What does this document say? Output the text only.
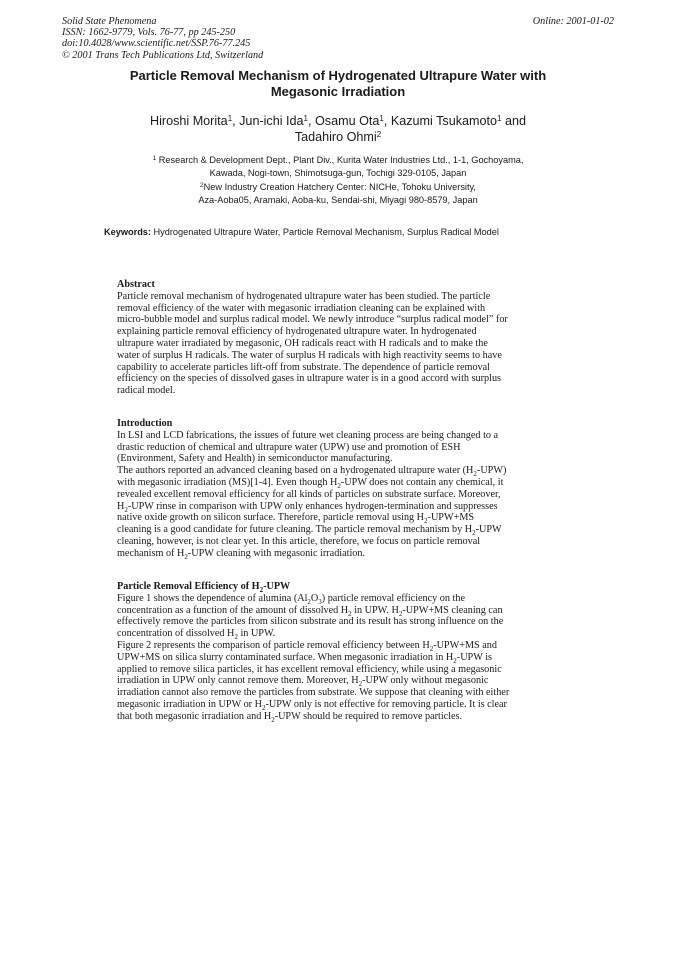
Solid State Phenomena
ISSN: 1662-9779, Vols. 76-77, pp 245-250
doi:10.4028/www.scientific.net/SSP.76-77.245
© 2001 Trans Tech Publications Ltd, Switzerland
Online: 2001-01-02
Particle Removal Mechanism of Hydrogenated Ultrapure Water with
Megasonic Irradiation
Hiroshi Morita$^1$, Jun-ichi Ida$^1$, Osamu Ota$^1$, Kazumi Tsukamoto$^1$ and
Tadahiro Ohmi$^2$
$^1$ Research & Development Dept., Plant Div., Kurita Water Industries Ltd., 1-1, Gochoyama,
Kawada, Nogi-town, Shimotsuga-gun, Tochigi 329-0105, Japan
$^2$New Industry Creation Hatchery Center: NICHe, Tohoku University,
Aza-Aoba05, Aramaki, Aoba-ku, Sendai-shi, Miyagi 980-8579, Japan
Keywords: Hydrogenated Ultrapure Water, Particle Removal Mechanism, Surplus Radical Model
Abstract
Particle removal mechanism of hydrogenated ultrapure water has been studied. The particle
removal efficiency of the water with megasonic irradiation cleaning can be explained with
micro-bubble model and surplus radical model. We newly introduce “surplus radical model” for
explaining particle removal efficiency of hydrogenated ultrapure water. In hydrogenated
ultrapure water irradiated by megasonic, OH radicals react with H radicals and to make the
water of surplus H radicals. The water of surplus H radicals with high reactivity seems to have
capability to accelerate particles lift-off from substrate. The dependence of particle removal
efficiency on the species of dissolved gases in ultrapure water is in a good accord with surplus
radical model.
Introduction
In LSI and LCD fabrications, the issues of future wet cleaning process are being changed to a
drastic reduction of chemical and ultrapure water (UPW) use and promotion of ESH
(Environment, Safety and Health) in semiconductor manufacturing.
The authors reported an advanced cleaning based on a hydrogenated ultrapure water $(H_2-UPW)$
with megasonic irradiation (MS)[1-4]. Even though $H_2$-UPW does not contain any chemical, it
revealed excellent removal efficiency for all kinds of particles on substrate surface. Moreover,
$H_2$-UPW rinse in comparison with UPW only enhances hydrogen-termination and suppresses
native oxide growth on silicon surface. Therefore, particle removal using $H_2-UPW+MS$
cleaning is a good candidate for future cleaning. The particle removal mechanism by $H_2$-UPW
cleaning, however, is not clear yet. In this article, therefore, we focus on particle removal
mechanism of $H_2$-UPW cleaning with megasonic irradiation.
Particle Removal Efficiency of $H_2$-UPW
Figure 1 shows the dependence of alumina $(Al_2O_3)$ particle removal efficiency on the
concentration as a function of the amount of dissolved $H_2$ in UPW. $H_2-UPW+MS$ cleaning can
effectively remove the particles from silicon substrate and its result has strong influence on the
concentration of dissolved $H_2$ in UPW.
Figure 2 represents the comparison of particle removal efficiency between $H_2-UPW+MS$ and
UPW+MS on silica slurry contaminated surface. When megasonic irradiation in $H_2$-UPW is
applied to remove silica particles, it has excellent removal efficiency, while using a megasonic
irradiation in UPW only cannot remove them. Moreover, $H_2$-UPW only without megasonic
irradiation cannot also remove the particles from substrate. We suppose that cleaning with either
megasonic irradiation in UPW or $H_2$-UPW only is not effective for removing particle. It is clear
that both megasonic irradiation and $H_2$-UPW should be required to remove particles.
